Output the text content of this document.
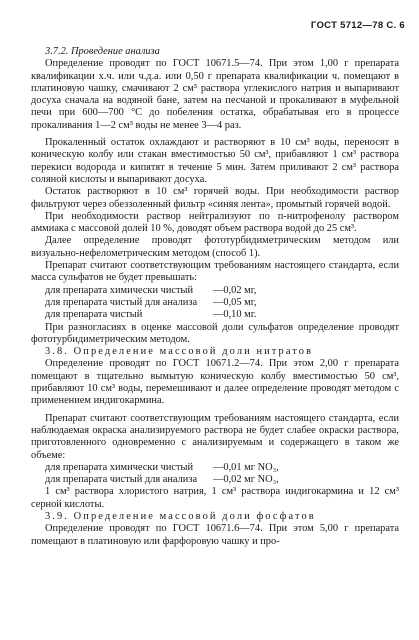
ГОСТ 5712—78 С. 6

3.7.2. Проведение анализа

Определение проводят по ГОСТ 10671.5—74. При этом 1,00 г препарата квалификации х.ч. или ч.д.а. или 0,50 г препарата квалификации ч. помещают в платиновую чашку, смачивают 2 см³ раствора углекислого натрия и выпаривают досуха сначала на водяной бане, затем на песчаной и прокаливают в муфельной печи при 600—700 °С до побеления остатка, обрабатывая его в процессе прокаливания 1—2 см³ воды не менее 3—4 раз.

Прокаленный остаток охлаждают и растворяют в 10 см³ воды, переносят в коническую колбу или стакан вместимостью 50 см³, прибавляют 1 см³ раствора перекиси водорода и кипятят в течение 5 мин. Затем приливают 2 см³ раствора соляной кислоты и выпаривают досуха.

Остаток растворяют в 10 см³ горячей воды. При необходимости раствор фильтруют через обеззоленный фильтр «синяя лента», промытый горячей водой.

При необходимости раствор нейтрализуют по п-нитрофенолу раствором аммиака с массовой долей 10 %, доводят объем раствора водой до 25 см³.

Далее определение проводят фототурбидиметрическим методом или визуально-нефелометрическим методом (способ 1).

Препарат считают соответствующим требованиям настоящего стандарта, если масса сульфатов не будет превышать:

для препарата химически чистый	—0,02 мг,
для препарата чистый для анализа	—0,05 мг,
для препарата чистый	—0,10 мг.

При разногласиях в оценке массовой доли сульфатов определение проводят фототурбидиметрическим методом.

3.8. Определение массовой доли нитратов

Определение проводят по ГОСТ 10671.2—74. При этом 2,00 г препарата помещают в тщательно вымытую коническую колбу вместимостью 50 см³, прибавляют 10 см³ воды, перемешивают и далее определение проводят методом с применением индигокармина.

Препарат считают соответствующим требованиям настоящего стандарта, если наблюдаемая окраска анализируемого раствора не будет слабее окраски раствора, приготовленного одновременно с анализируемым и содержащего в таком же объеме:

для препарата химически чистый	—0,01 мг NO₃,
для препарата чистый для анализа	—0,02 мг NO₃,

1 см³ раствора хлористого натрия, 1 см³ раствора индигокармина и 12 см³ серной кислоты.

3.9. Определение массовой доли фосфатов

Определение проводят по ГОСТ 10671.6—74. При этом 5,00 г препарата помещают в платиновую или фарфоровую чашку и про-
